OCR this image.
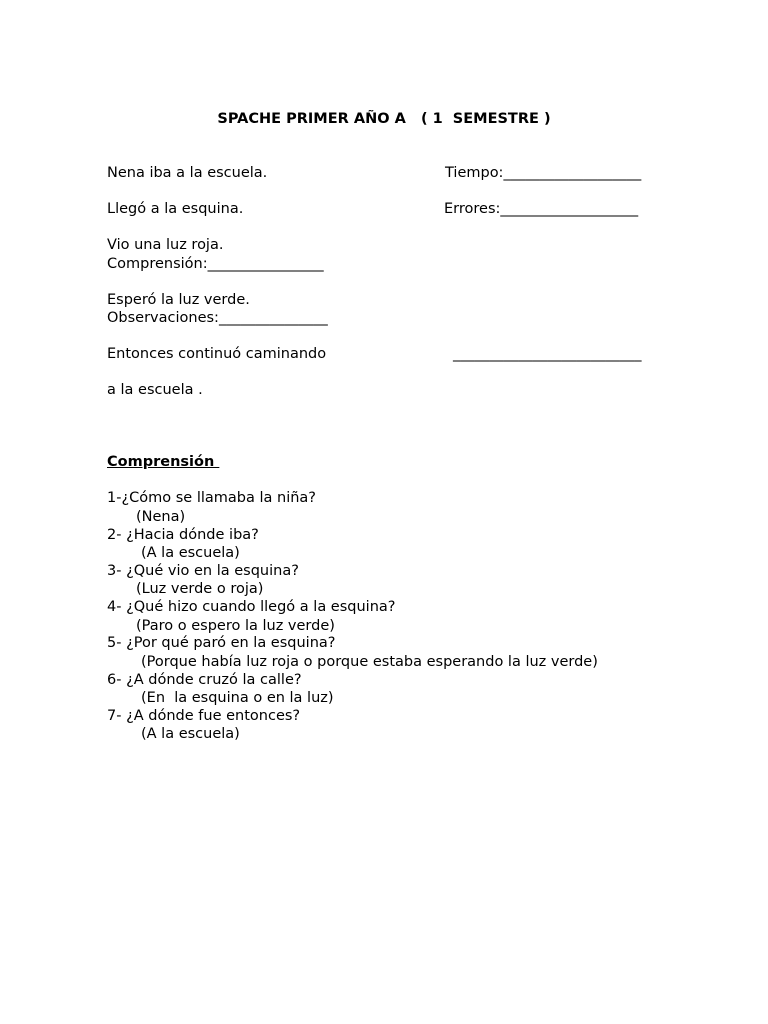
SPACHE PRIMER AÑO A   ( 1  SEMESTRE )
Nena iba a la escuela.	Tiempo:___________________
Llegó a la esquina.	Errores:___________________
Vio una luz roja.
Comprensión:________________
Esperó la luz verde.
Observaciones:_______________
Entonces continuó caminando	__________________________
a la escuela .
Comprensión
1-¿Cómo se llamaba la niña?
(Nena)
2- ¿Hacia dónde iba?
(A la escuela)
3- ¿Qué vio en la esquina?
(Luz verde o roja)
4- ¿Qué hizo cuando llegó a la esquina?
(Paro o espero la luz verde)
5- ¿Por qué paró en la esquina?
(Porque había luz roja o porque estaba esperando la luz verde)
6- ¿A dónde cruzó la calle?
(En  la esquina o en la luz)
7- ¿A dónde fue entonces?
(A la escuela)
